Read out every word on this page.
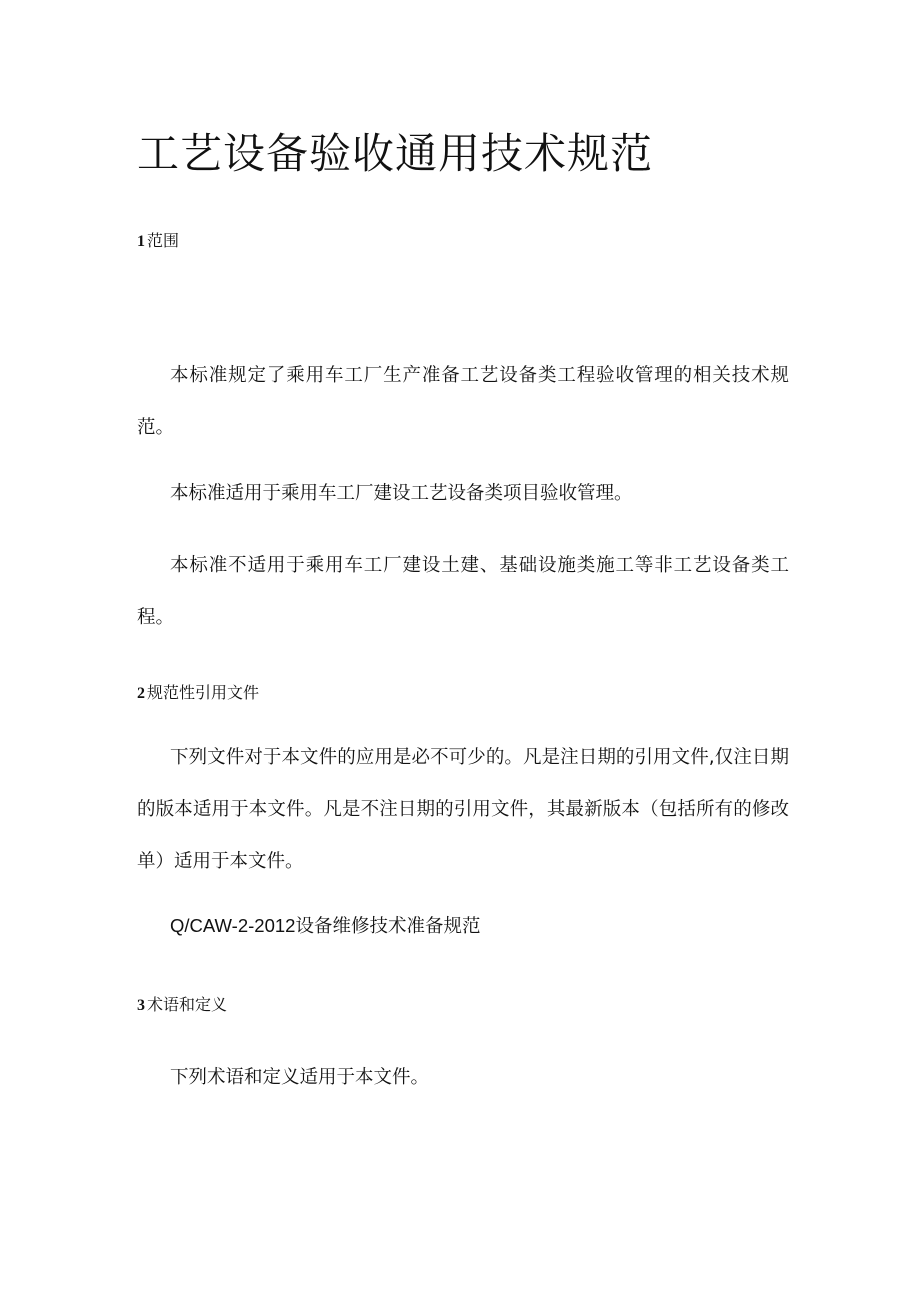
工艺设备验收通用技术规范
1 范围

本标准规定了乘用车工厂生产准备工艺设备类工程验收管理的相关技术规范。

本标准适用于乘用车工厂建设工艺设备类项目验收管理。

本标准不适用于乘用车工厂建设土建、基础设施类施工等非工艺设备类工程。

2 规范性引用文件

下列文件对于本文件的应用是必不可少的。凡是注日期的引用文件,仅注日期的版本适用于本文件。凡是不注日期的引用文件，其最新版本（包括所有的修改单）适用于本文件。

Q/CAW-2-2012设备维修技术准备规范

3 术语和定义

下列术语和定义适用于本文件。
